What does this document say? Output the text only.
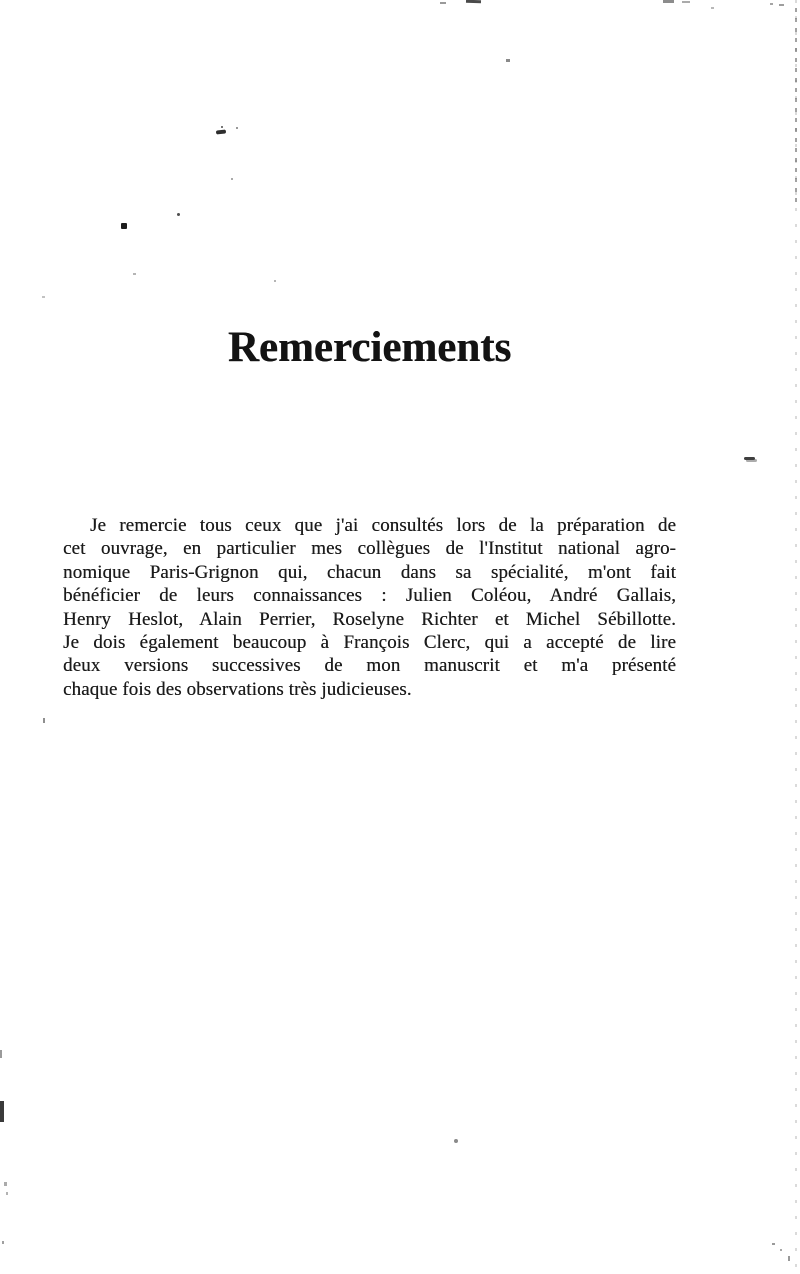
Remerciements
Je remercie tous ceux que j'ai consultés lors de la préparation de
cet ouvrage, en particulier mes collègues de l'Institut national agro-
nomique Paris-Grignon qui, chacun dans sa spécialité, m'ont fait
bénéficier de leurs connaissances : Julien Coléou, André Gallais,
Henry Heslot, Alain Perrier, Roselyne Richter et Michel Sébillotte.
Je dois également beaucoup à François Clerc, qui a accepté de lire
deux versions successives de mon manuscrit et m'a présenté
chaque fois des observations très judicieuses.
